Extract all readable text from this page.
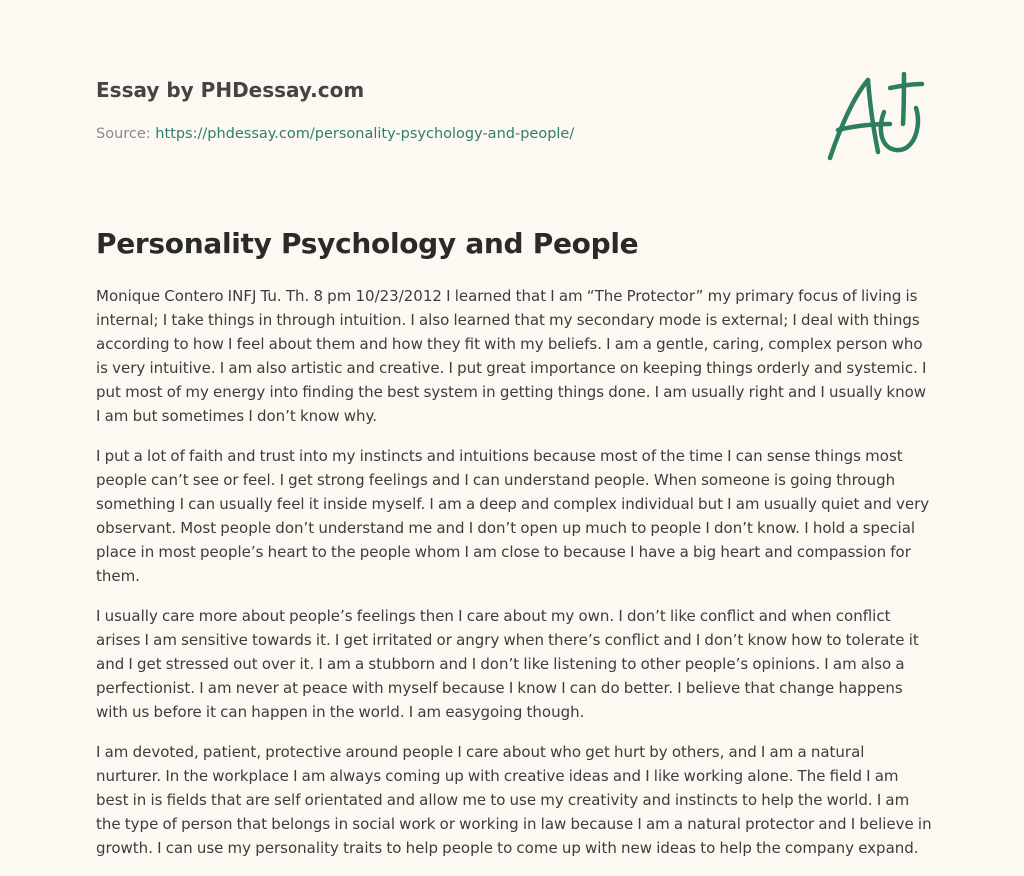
Essay by PHDessay.com
Source: https://phdessay.com/personality-psychology-and-people/
Personality Psychology and People

Monique Contero INFJ Tu. Th. 8 pm 10/23/2012 I learned that I am “The Protector” my primary focus of living is internal; I take things in through intuition. I also learned that my secondary mode is external; I deal with things according to how I feel about them and how they fit with my beliefs. I am a gentle, caring, complex person who is very intuitive. I am also artistic and creative. I put great importance on keeping things orderly and systemic. I put most of my energy into finding the best system in getting things done. I am usually right and I usually know I am but sometimes I don’t know why.

I put a lot of faith and trust into my instincts and intuitions because most of the time I can sense things most people can’t see or feel. I get strong feelings and I can understand people. When someone is going through something I can usually feel it inside myself. I am a deep and complex individual but I am usually quiet and very observant. Most people don’t understand me and I don’t open up much to people I don’t know. I hold a special place in most people’s heart to the people whom I am close to because I have a big heart and compassion for them.

I usually care more about people’s feelings then I care about my own. I don’t like conflict and when conflict arises I am sensitive towards it. I get irritated or angry when there’s conflict and I don’t know how to tolerate it and I get stressed out over it. I am a stubborn and I don’t like listening to other people’s opinions. I am also a perfectionist. I am never at peace with myself because I know I can do better. I believe that change happens with us before it can happen in the world. I am easygoing though.

I am devoted, patient, protective around people I care about who get hurt by others, and I am a natural nurturer. In the workplace I am always coming up with creative ideas and I like working alone. The field I am best in is fields that are self orientated and allow me to use my creativity and instincts to help the world. I am the type of person that belongs in social work or working in law because I am a natural protector and I believe in growth. I can use my personality traits to help people to come up with new ideas to help the company expand.
